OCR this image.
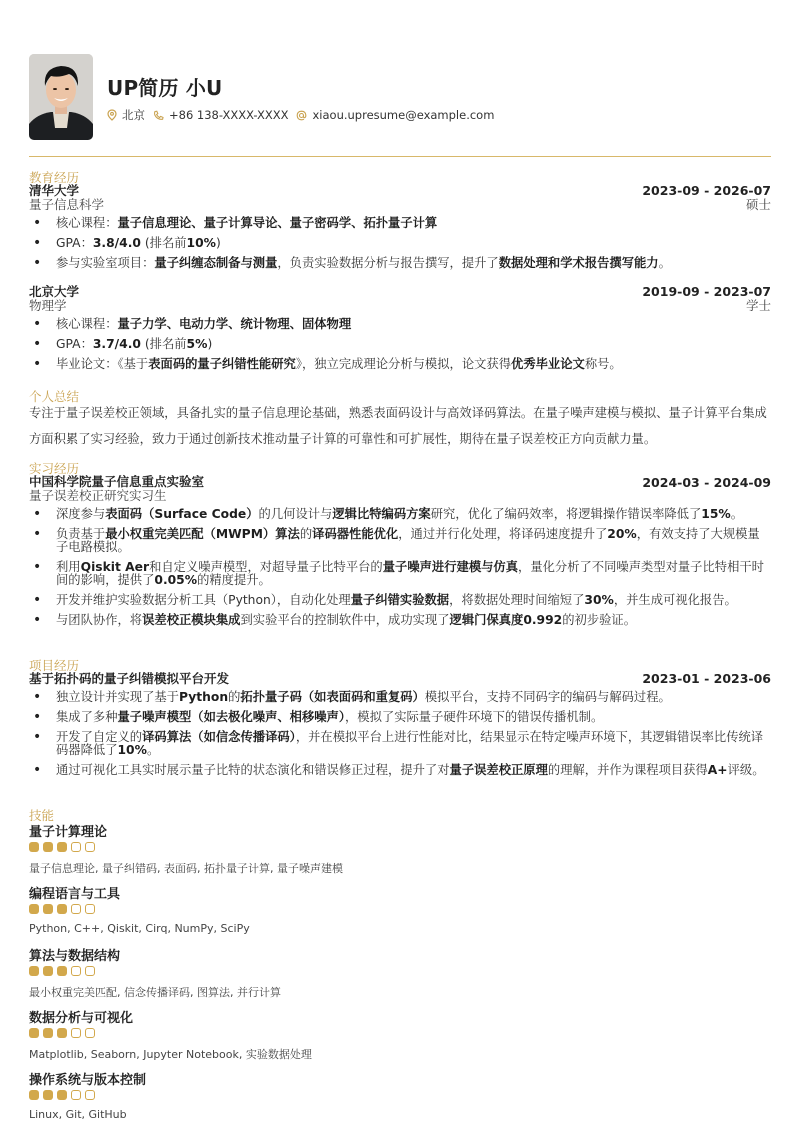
UP简历 小U
北京 +86 138-XXXX-XXXX xiaou.upresume@example.com
教育经历
清华大学
量子信息科学
2023-09 - 2026-07
硕士
• 核心课程：量子信息理论、量子计算导论、量子密码学、拓扑量子计算
• GPA：3.8/4.0 (排名前10%)
• 参与实验室项目：量子纠缠态制备与测量，负责实验数据分析与报告撰写，提升了数据处理和学术报告撰写能力。
北京大学
物理学
2019-09 - 2023-07
学士
• 核心课程：量子力学、电动力学、统计物理、固体物理
• GPA：3.7/4.0 (排名前5%)
• 毕业论文：《基于表面码的量子纠错性能研究》，独立完成理论分析与模拟，论文获得优秀毕业论文称号。
个人总结
专注于量子误差校正领域，具备扎实的量子信息理论基础，熟悉表面码设计与高效译码算法。在量子噪声建模与模拟、量子计算平台集成方面积累了实习经验，致力于通过创新技术推动量子计算的可靠性和可扩展性，期待在量子误差校正方向贡献力量。
实习经历
中国科学院量子信息重点实验室
量子误差校正研究实习生
2024-03 - 2024-09
• 深度参与表面码（Surface Code）的几何设计与逻辑比特编码方案研究，优化了编码效率，将逻辑操作错误率降低了15%。
• 负责基于最小权重完美匹配（MWPM）算法的译码器性能优化，通过并行化处理，将译码速度提升了20%，有效支持了大规模量子电路模拟。
• 利用Qiskit Aer和自定义噪声模型，对超导量子比特平台的量子噪声进行建模与仿真，量化分析了不同噪声类型对量子比特相干时间的影响，提供了0.05%的精度提升。
• 开发并维护实验数据分析工具（Python），自动化处理量子纠错实验数据，将数据处理时间缩短了30%，并生成可视化报告。
• 与团队协作，将误差校正模块集成到实验平台的控制软件中，成功实现了逻辑门保真度0.992的初步验证。
项目经历
基于拓扑码的量子纠错模拟平台开发	2023-01 - 2023-06
• 独立设计并实现了基于Python的拓扑量子码（如表面码和重复码）模拟平台，支持不同码字的编码与解码过程。
• 集成了多种量子噪声模型（如去极化噪声、相移噪声），模拟了实际量子硬件环境下的错误传播机制。
• 开发了自定义的译码算法（如信念传播译码），并在模拟平台上进行性能对比，结果显示在特定噪声环境下，其逻辑错误率比传统译码器降低了10%。
• 通过可视化工具实时展示量子比特的状态演化和错误修正过程，提升了对量子误差校正原理的理解，并作为课程项目获得A+评级。
技能
量子计算理论
量子信息理论, 量子纠错码, 表面码, 拓扑量子计算, 量子噪声建模
编程语言与工具
Python, C++, Qiskit, Cirq, NumPy, SciPy
算法与数据结构
最小权重完美匹配, 信念传播译码, 图算法, 并行计算
数据分析与可视化
Matplotlib, Seaborn, Jupyter Notebook, 实验数据处理
操作系统与版本控制
Linux, Git, GitHub
